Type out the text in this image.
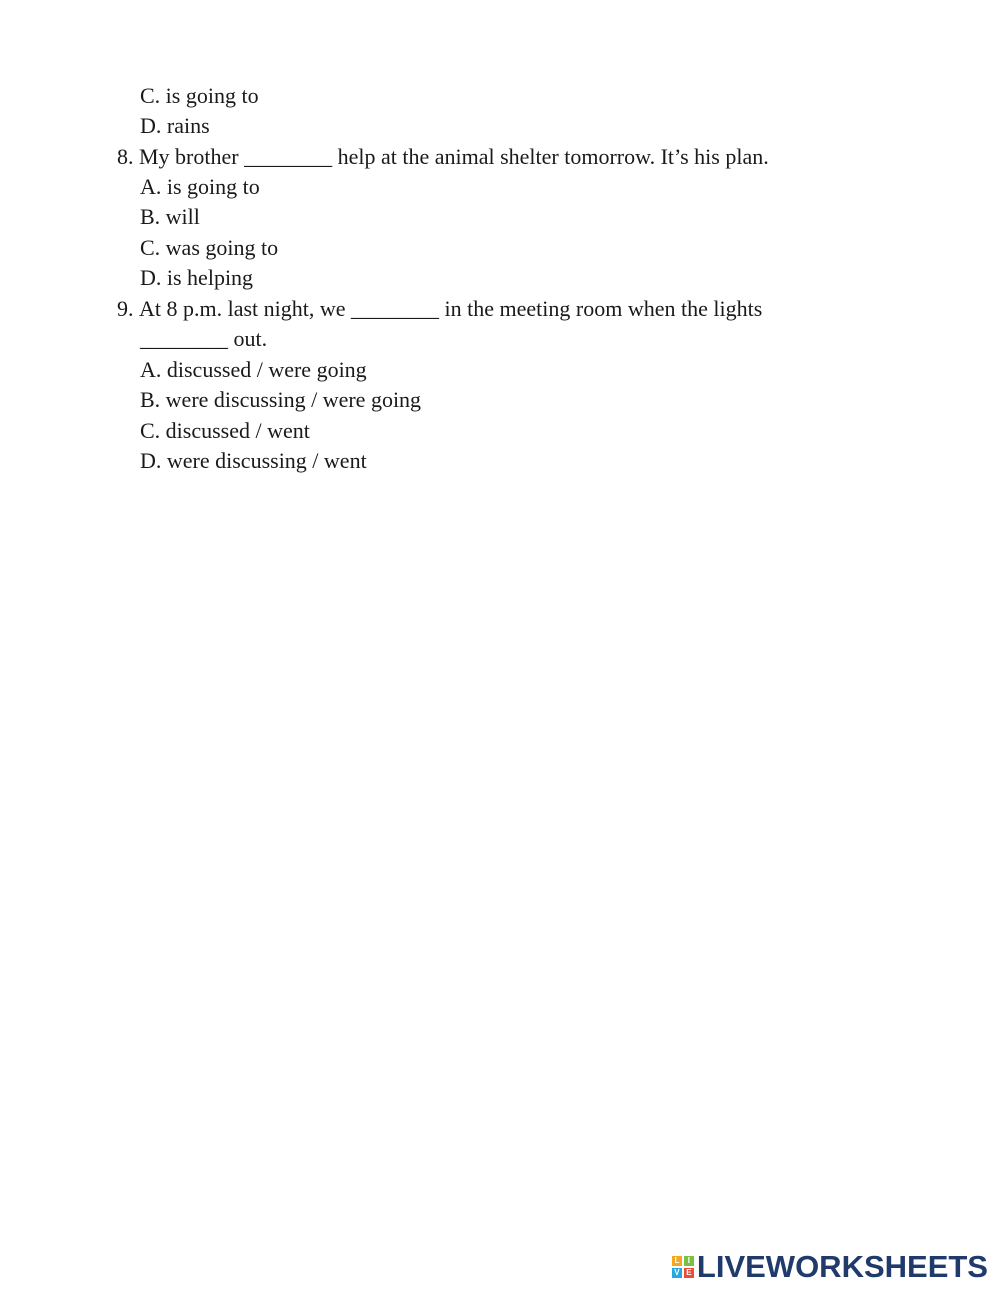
C. is going to
D. rains
8. My brother ________ help at the animal shelter tomorrow. It’s his plan.
A. is going to
B. will
C. was going to
D. is helping
9. At 8 p.m. last night, we ________ in the meeting room when the lights
________ out.
A. discussed / were going
B. were discussing / were going
C. discussed / went
D. were discussing / went
L	I
V E LIVEWORKSHEETS
